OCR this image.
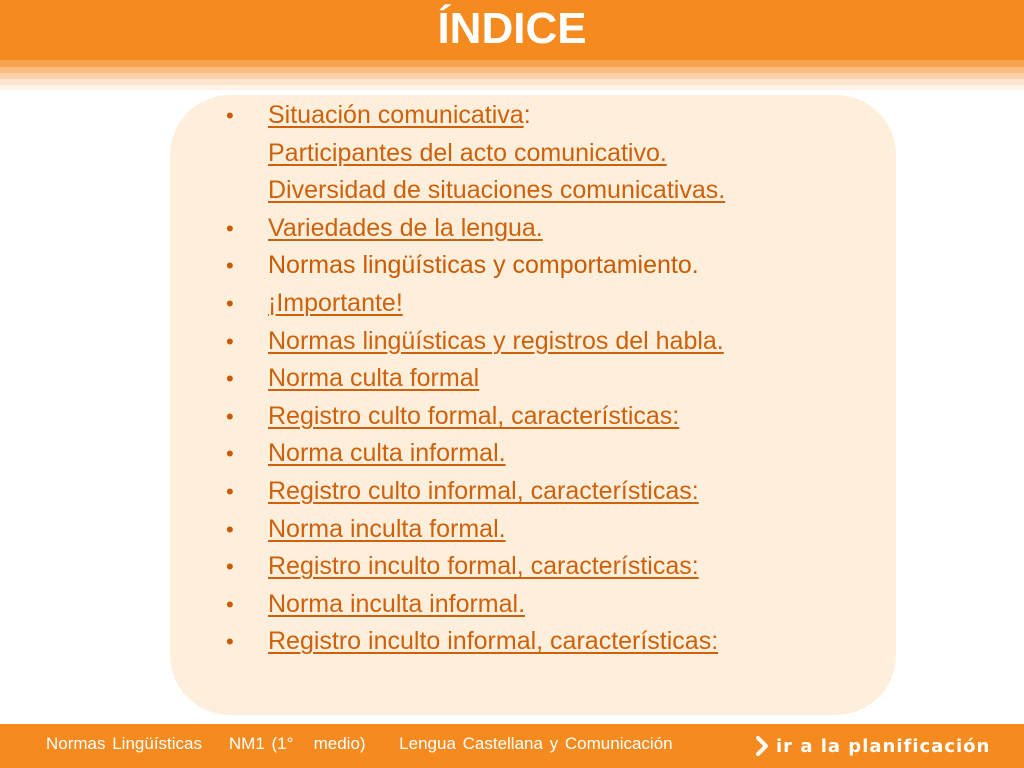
ÍNDICE
• Situación comunicativa:
Participantes del acto comunicativo.
Diversidad de situaciones comunicativas.
• Variedades de la lengua.
• Normas lingüísticas y comportamiento.
• ¡Importante!
• Normas lingüísticas y registros del habla.
• Norma culta formal
• Registro culto formal, características:
• Norma culta informal.
• Registro culto informal, características:
• Norma inculta formal.
• Registro inculto formal, características:
• Norma inculta informal.
• Registro inculto informal, características:
Normas Lingüísticas    NM1 (1°   medio)     Lengua Castellana y Comunicación	ir a la planificación
